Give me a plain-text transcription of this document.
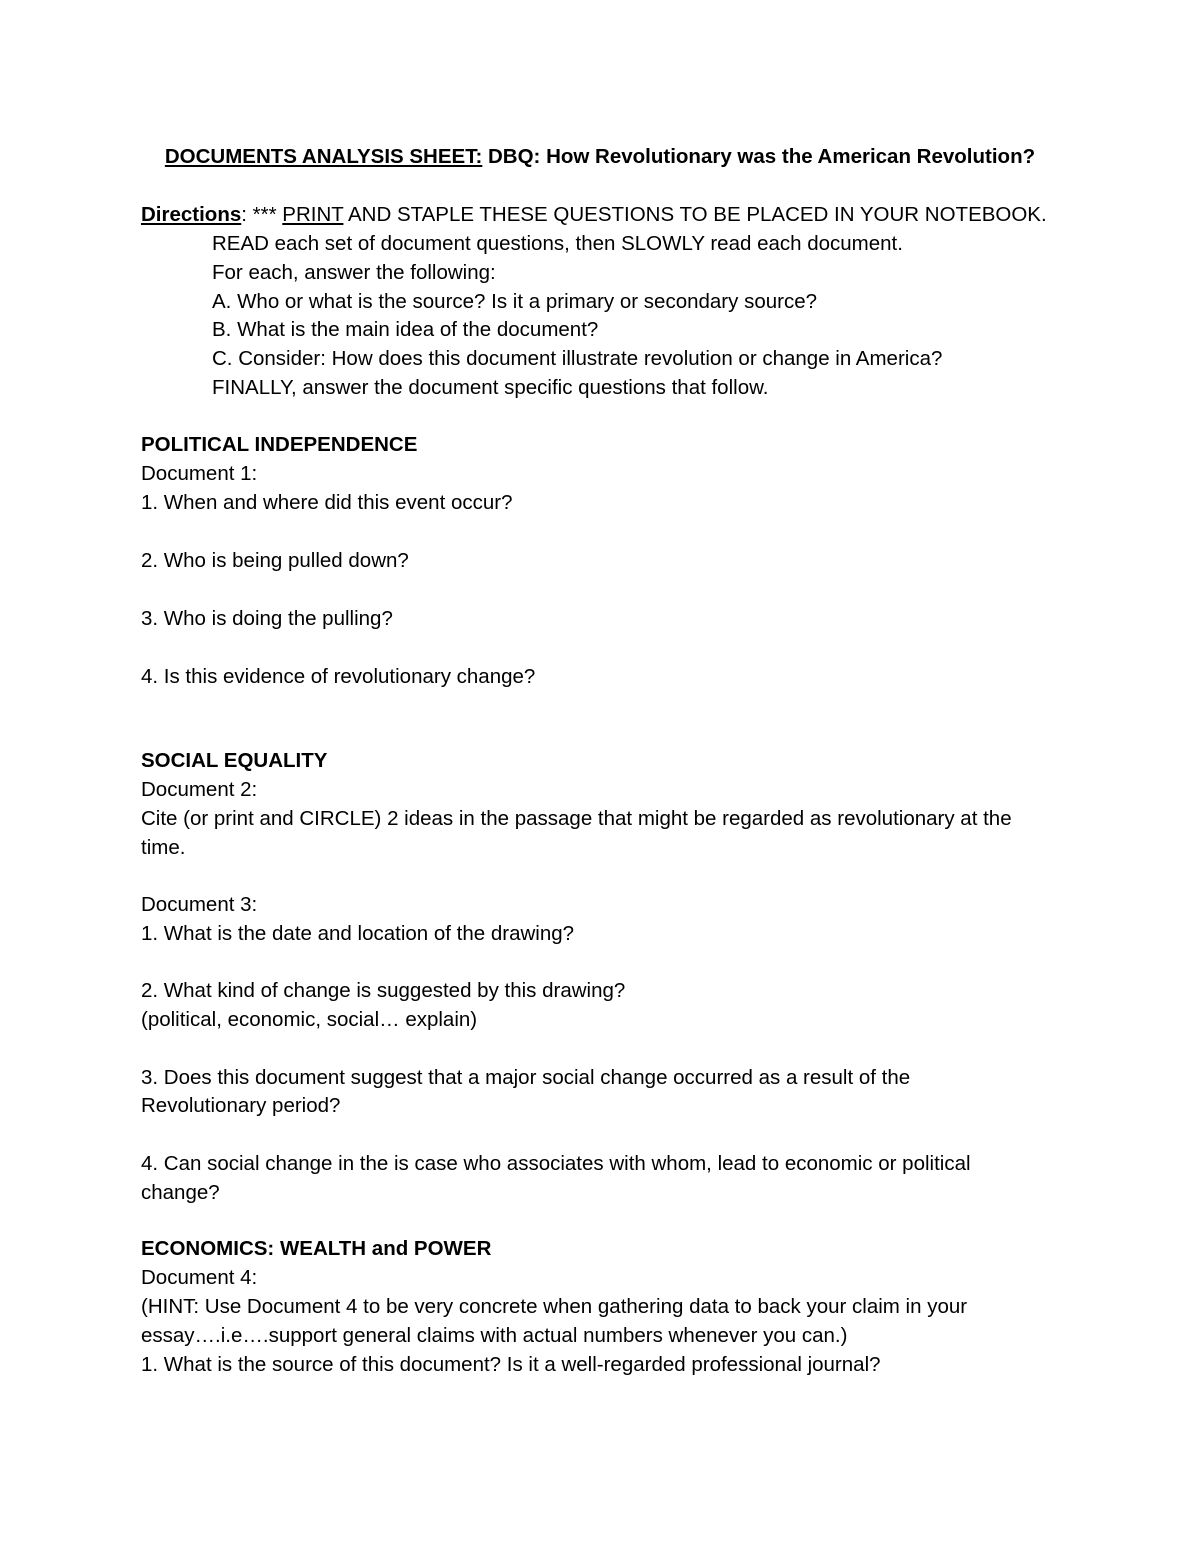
DOCUMENTS ANALYSIS SHEET: DBQ: How Revolutionary was the American Revolution?
Directions: *** PRINT AND STAPLE THESE QUESTIONS TO BE PLACED IN YOUR NOTEBOOK.
READ each set of document questions, then SLOWLY read each document.
For each, answer the following:
A. Who or what is the source? Is it a primary or secondary source?
B. What is the main idea of the document?
C. Consider: How does this document illustrate revolution or change in America?
FINALLY, answer the document specific questions that follow.
POLITICAL INDEPENDENCE
Document 1:
1. When and where did this event occur?
2. Who is being pulled down?
3. Who is doing the pulling?
4. Is this evidence of revolutionary change?
SOCIAL EQUALITY
Document 2:
Cite (or print and CIRCLE) 2 ideas in the passage that might be regarded as revolutionary at the
time.
Document 3:
1. What is the date and location of the drawing?
2. What kind of change is suggested by this drawing?
(political, economic, social… explain)
3. Does this document suggest that a major social change occurred as a result of the
Revolutionary period?
4. Can social change in the is case who associates with whom, lead to economic or political
change?
ECONOMICS: WEALTH and POWER
Document 4:
(HINT: Use Document 4 to be very concrete when gathering data to back your claim in your
essay….i.e….support general claims with actual numbers whenever you can.)
1. What is the source of this document? Is it a well-regarded professional journal?
